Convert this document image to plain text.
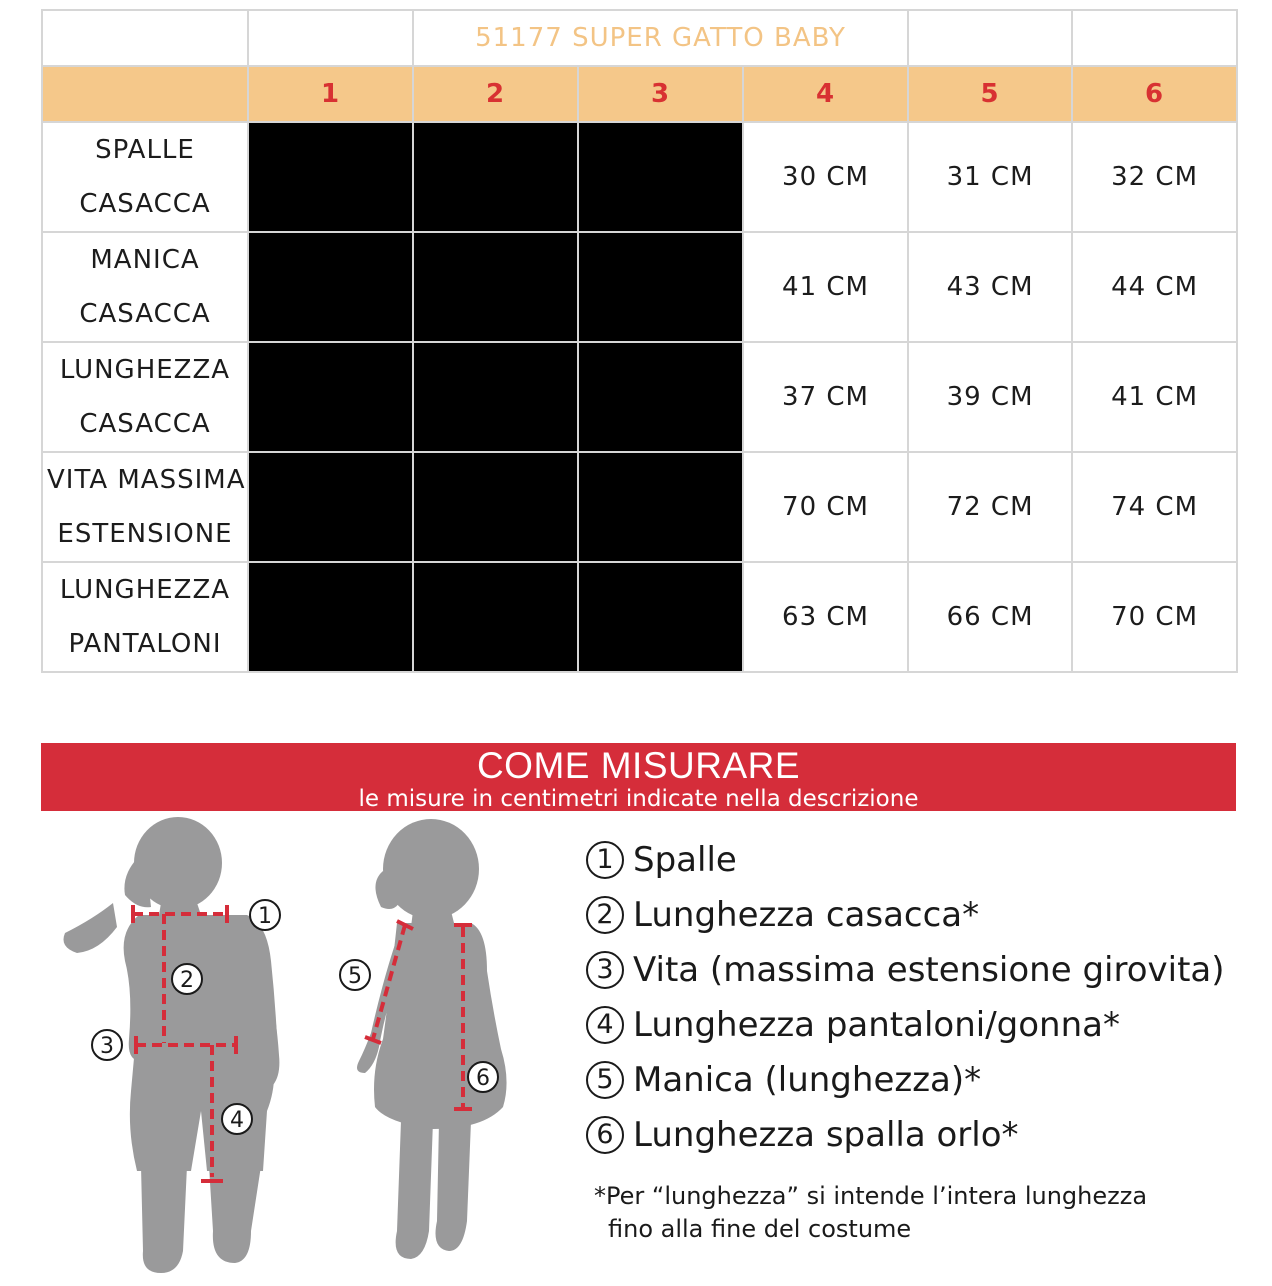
		51177 SUPER GATTO BABY				
	1	2	3	4	5	6
SPALLE
CASACCA				30 CM	31 CM	32 CM
MANICA
CASACCA				41 CM	43 CM	44 CM
LUNGHEZZA
CASACCA				37 CM	39 CM	41 CM
VITA MASSIMA
ESTENSIONE				70 CM	72 CM	74 CM
LUNGHEZZA
PANTALONI				63 CM	66 CM	70 CM
COME MISURARE
le misure in centimetri indicate nella descrizione
1
2
3
4
5
6
1 Spalle
2 Lunghezza casacca*
3 Vita (massima estensione girovita)
4 Lunghezza pantaloni/gonna*
5 Manica (lunghezza)*
6 Lunghezza spalla orlo*
*Per “lunghezza” si intende l’intera lunghezza
fino alla fine del costume
